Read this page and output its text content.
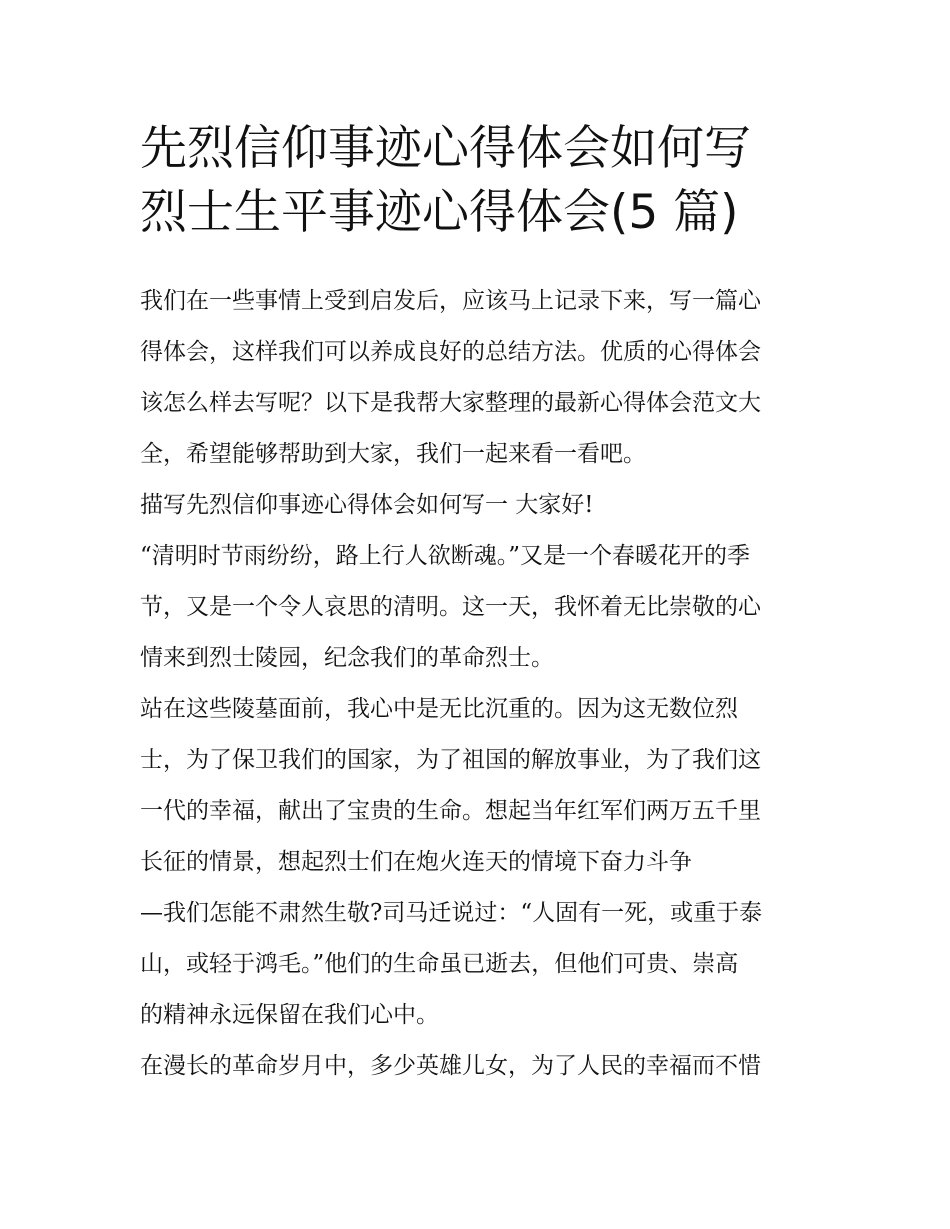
先烈信仰事迹心得体会如何写
烈士生平事迹心得体会(5 篇)
我们在一些事情上受到启发后，应该马上记录下来，写一篇心
得体会，这样我们可以养成良好的总结方法。优质的心得体会
该怎么样去写呢？以下是我帮大家整理的最新心得体会范文大
全，希望能够帮助到大家，我们一起来看一看吧。
描写先烈信仰事迹心得体会如何写一 大家好!
“清明时节雨纷纷，路上行人欲断魂。”又是一个春暖花开的季
节，又是一个令人哀思的清明。这一天，我怀着无比崇敬的心
情来到烈士陵园，纪念我们的革命烈士。
站在这些陵墓面前，我心中是无比沉重的。因为这无数位烈
士，为了保卫我们的国家，为了祖国的解放事业，为了我们这
一代的幸福，献出了宝贵的生命。想起当年红军们两万五千里
长征的情景，想起烈士们在炮火连天的情境下奋力斗争
—我们怎能不肃然生敬?司马迁说过：“人固有一死，或重于泰
山，或轻于鸿毛。”他们的生命虽已逝去，但他们可贵、崇高
的精神永远保留在我们心中。
在漫长的革命岁月中，多少英雄儿女，为了人民的幸福而不惜
